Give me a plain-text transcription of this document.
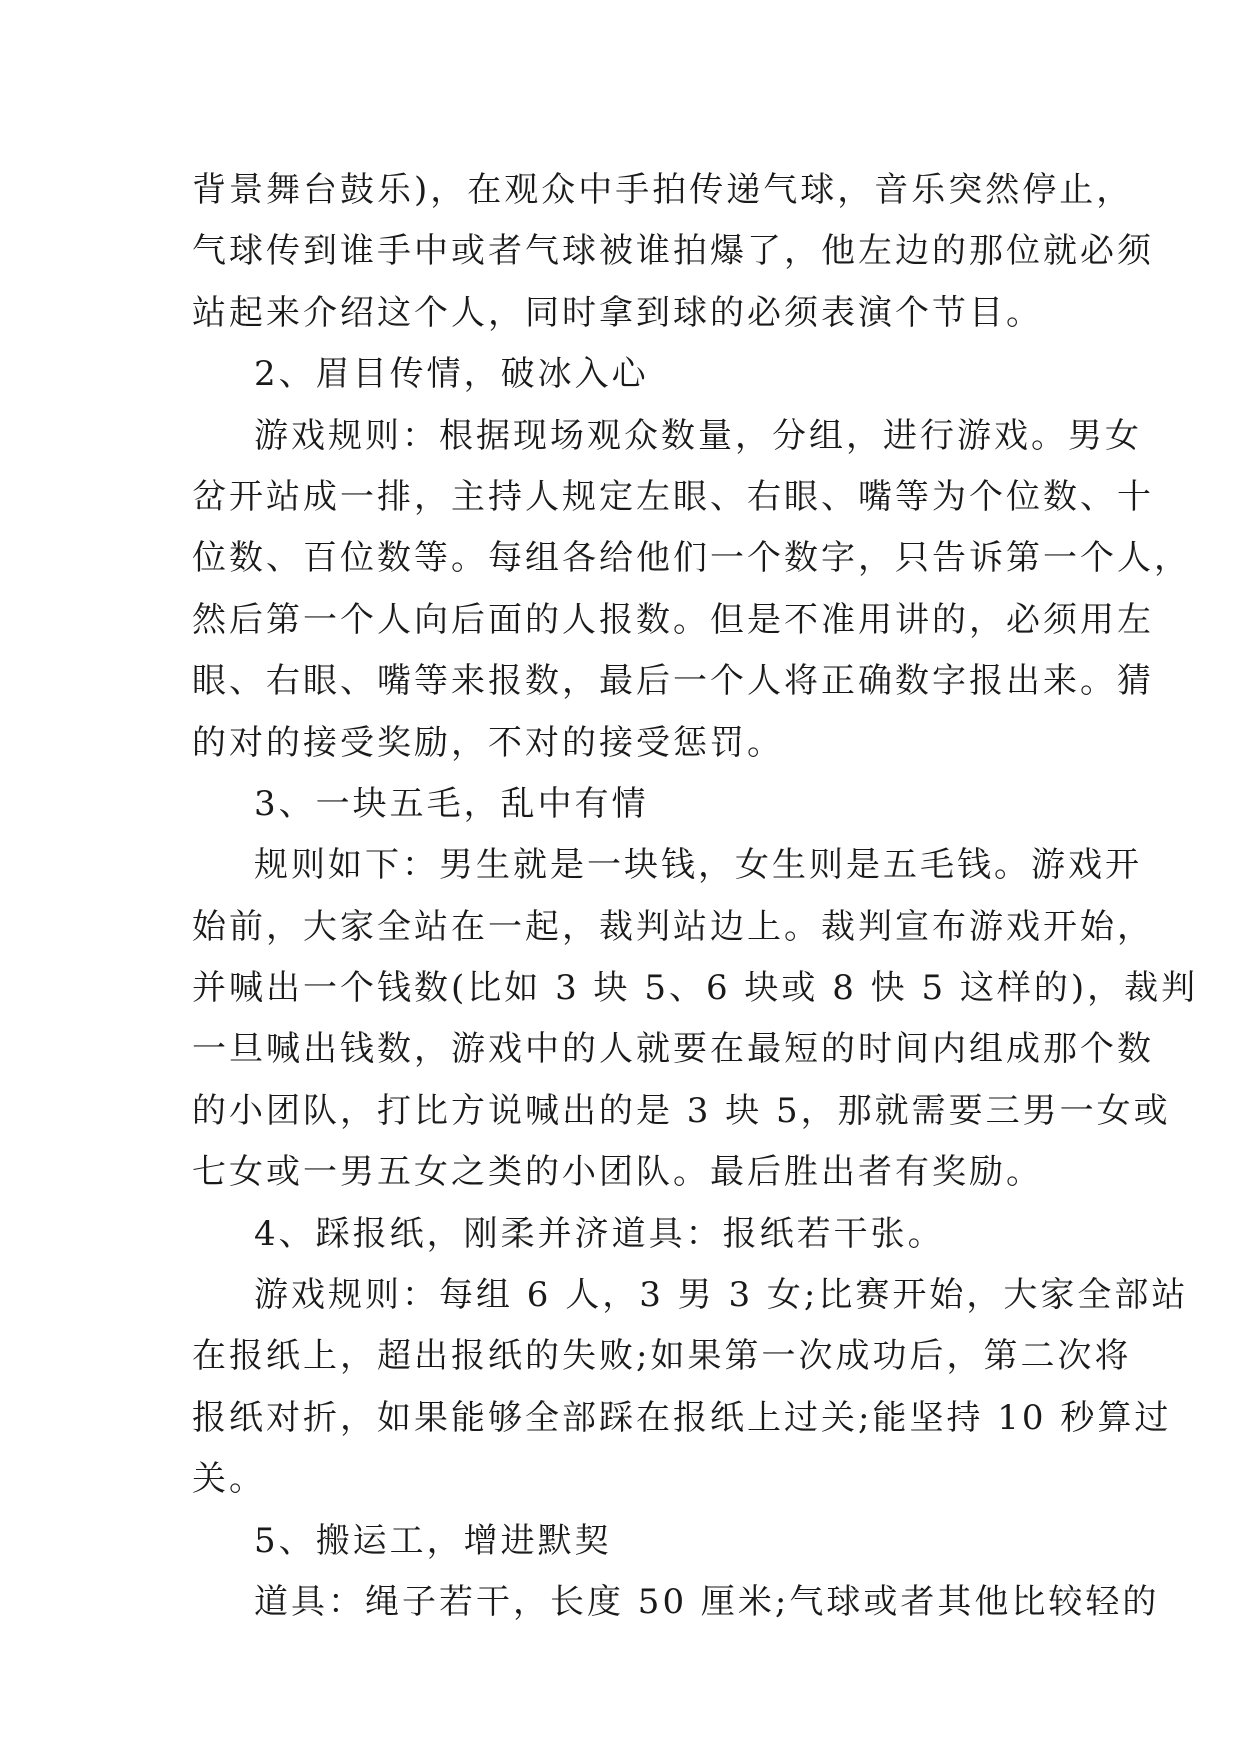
背景舞台鼓乐)，在观众中手拍传递气球，音乐突然停止，
气球传到谁手中或者气球被谁拍爆了，他左边的那位就必须
站起来介绍这个人，同时拿到球的必须表演个节目。
2、眉目传情，破冰入心
游戏规则：根据现场观众数量，分组，进行游戏。男女
岔开站成一排，主持人规定左眼、右眼、嘴等为个位数、十
位数、百位数等。每组各给他们一个数字，只告诉第一个人，
然后第一个人向后面的人报数。但是不准用讲的，必须用左
眼、右眼、嘴等来报数，最后一个人将正确数字报出来。猜
的对的接受奖励，不对的接受惩罚。
3、一块五毛，乱中有情
规则如下：男生就是一块钱，女生则是五毛钱。游戏开
始前，大家全站在一起，裁判站边上。裁判宣布游戏开始，
并喊出一个钱数(比如 3 块 5、6 块或 8 快 5 这样的)，裁判
一旦喊出钱数，游戏中的人就要在最短的时间内组成那个数
的小团队，打比方说喊出的是 3 块 5，那就需要三男一女或
七女或一男五女之类的小团队。最后胜出者有奖励。
4、踩报纸，刚柔并济道具：报纸若干张。
游戏规则：每组 6 人，3 男 3 女;比赛开始，大家全部站
在报纸上，超出报纸的失败;如果第一次成功后，第二次将
报纸对折，如果能够全部踩在报纸上过关;能坚持 10 秒算过
关。
5、搬运工，增进默契
道具：绳子若干，长度 50 厘米;气球或者其他比较轻的
